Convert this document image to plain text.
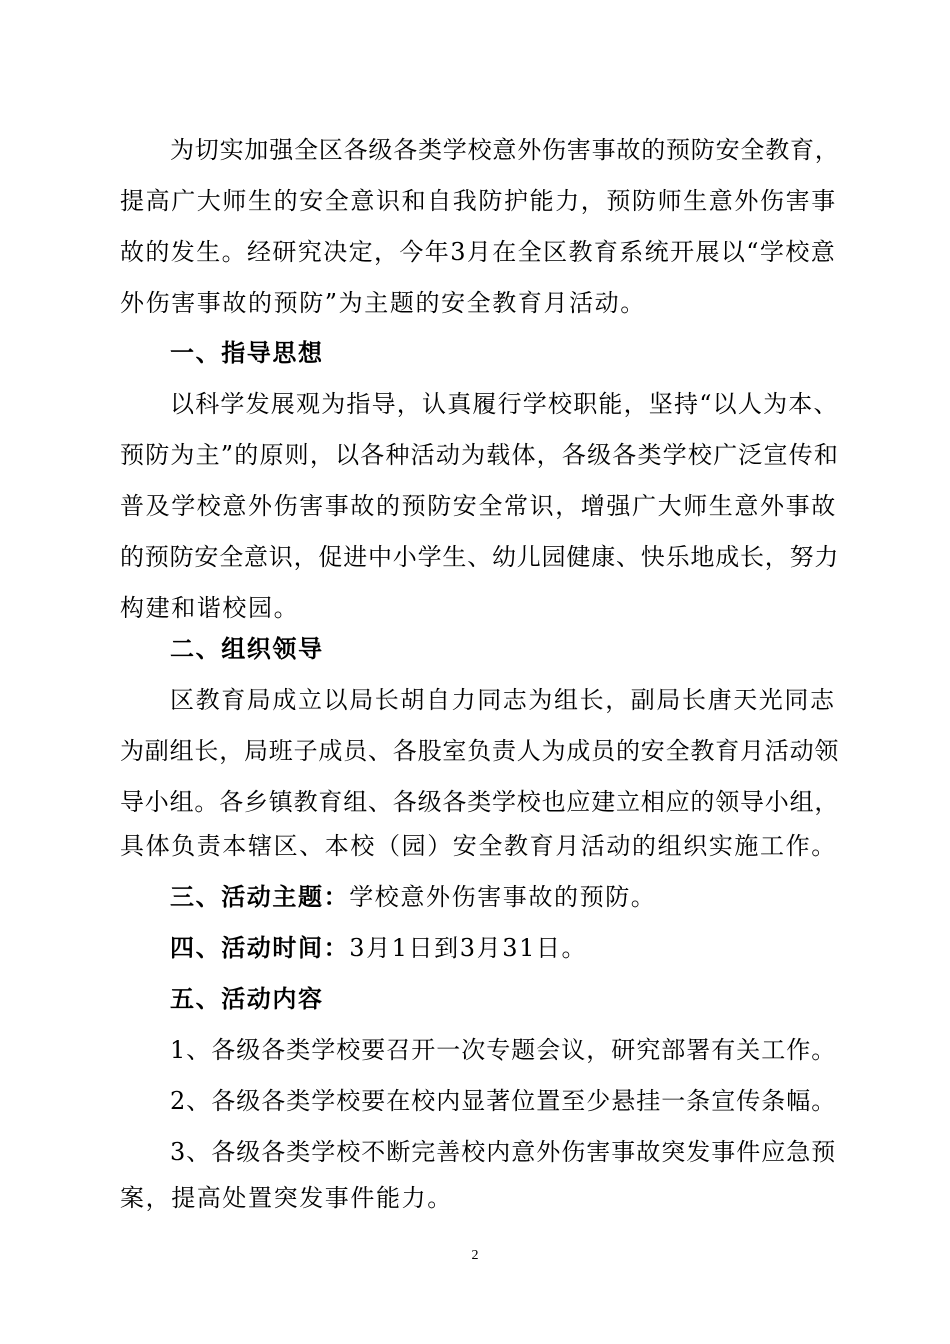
为切实加强全区各级各类学校意外伤害事故的预防安全教育，
提高广大师生的安全意识和自我防护能力，预防师生意外伤害事
故的发生。经研究决定，今年3月在全区教育系统开展以“学校意
外伤害事故的预防”为主题的安全教育月活动。
一、指导思想
以科学发展观为指导，认真履行学校职能，坚持“以人为本、
预防为主”的原则，以各种活动为载体，各级各类学校广泛宣传和
普及学校意外伤害事故的预防安全常识，增强广大师生意外事故
的预防安全意识，促进中小学生、幼儿园健康、快乐地成长，努力
构建和谐校园。
二、组织领导
区教育局成立以局长胡自力同志为组长，副局长唐天光同志
为副组长，局班子成员、各股室负责人为成员的安全教育月活动领
导小组。各乡镇教育组、各级各类学校也应建立相应的领导小组，
具体负责本辖区、本校（园）安全教育月活动的组织实施工作。
三、活动主题：学校意外伤害事故的预防。
四、活动时间：3月1日到3月31日。
五、活动内容
1、各级各类学校要召开一次专题会议，研究部署有关工作。
2、各级各类学校要在校内显著位置至少悬挂一条宣传条幅。
3、各级各类学校不断完善校内意外伤害事故突发事件应急预
案，提高处置突发事件能力。
2
